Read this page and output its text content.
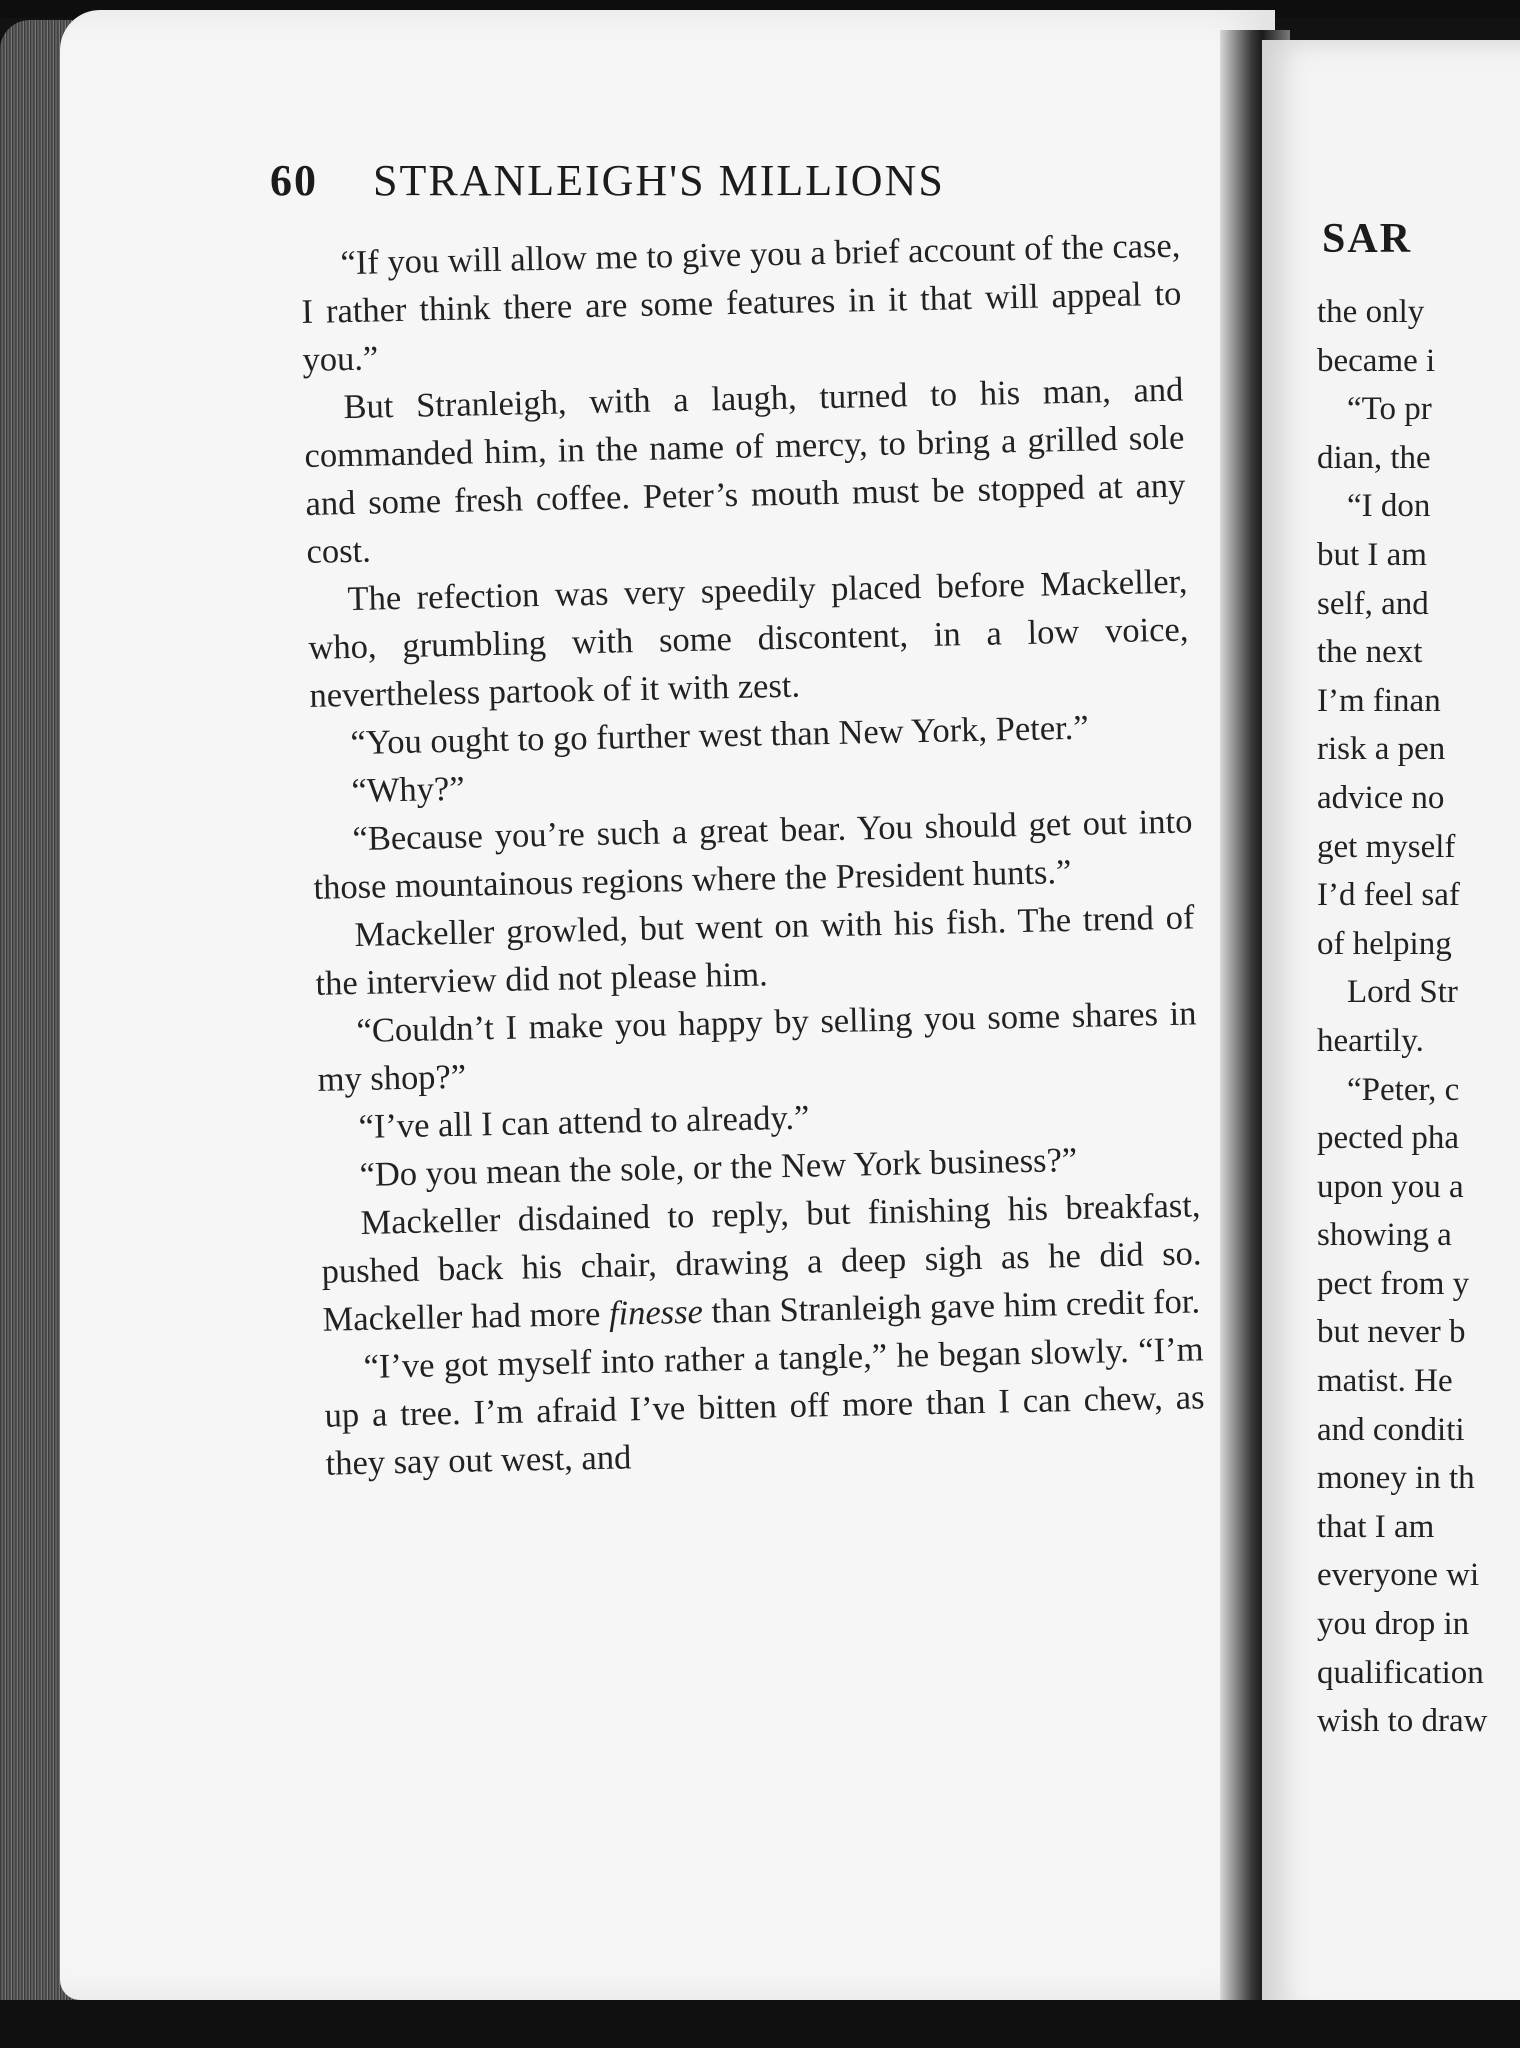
60 STRANLEIGH'S MILLIONS

“If you will allow me to give you a brief account of the case, I rather think there are some features in it that will appeal to you.”

But Stranleigh, with a laugh, turned to his man, and commanded him, in the name of mercy, to bring a grilled sole and some fresh coffee. Peter’s mouth must be stopped at any cost.

The refection was very speedily placed before Mackeller, who, grumbling with some discontent, in a low voice, nevertheless partook of it with zest.

“You ought to go further west than New York, Peter.”

“Why?”

“Because you’re such a great bear. You should get out into those mountainous regions where the President hunts.”

Mackeller growled, but went on with his fish. The trend of the interview did not please him.

“Couldn’t I make you happy by selling you some shares in my shop?”

“I’ve all I can attend to already.”

“Do you mean the sole, or the New York business?”

Mackeller disdained to reply, but finishing his breakfast, pushed back his chair, drawing a deep sigh as he did so. Mackeller had more finesse than Stranleigh gave him credit for.

“I’ve got myself into rather a tangle,” he began slowly. “I’m up a tree. I’m afraid I’ve bitten off more than I can chew, as they say out west, and

SAR
the only
became i
“To pr
dian, the
“I don
but I am
self, and
the next
I’m finan
risk a pen
advice no
get myself
I’d feel saf
of helping
Lord Str
heartily.
“Peter, c
pected pha
upon you a
showing a
pect from y
but never b
matist. He
and conditi
money in th
that I am
everyone wi
you drop in
qualification
wish to draw
